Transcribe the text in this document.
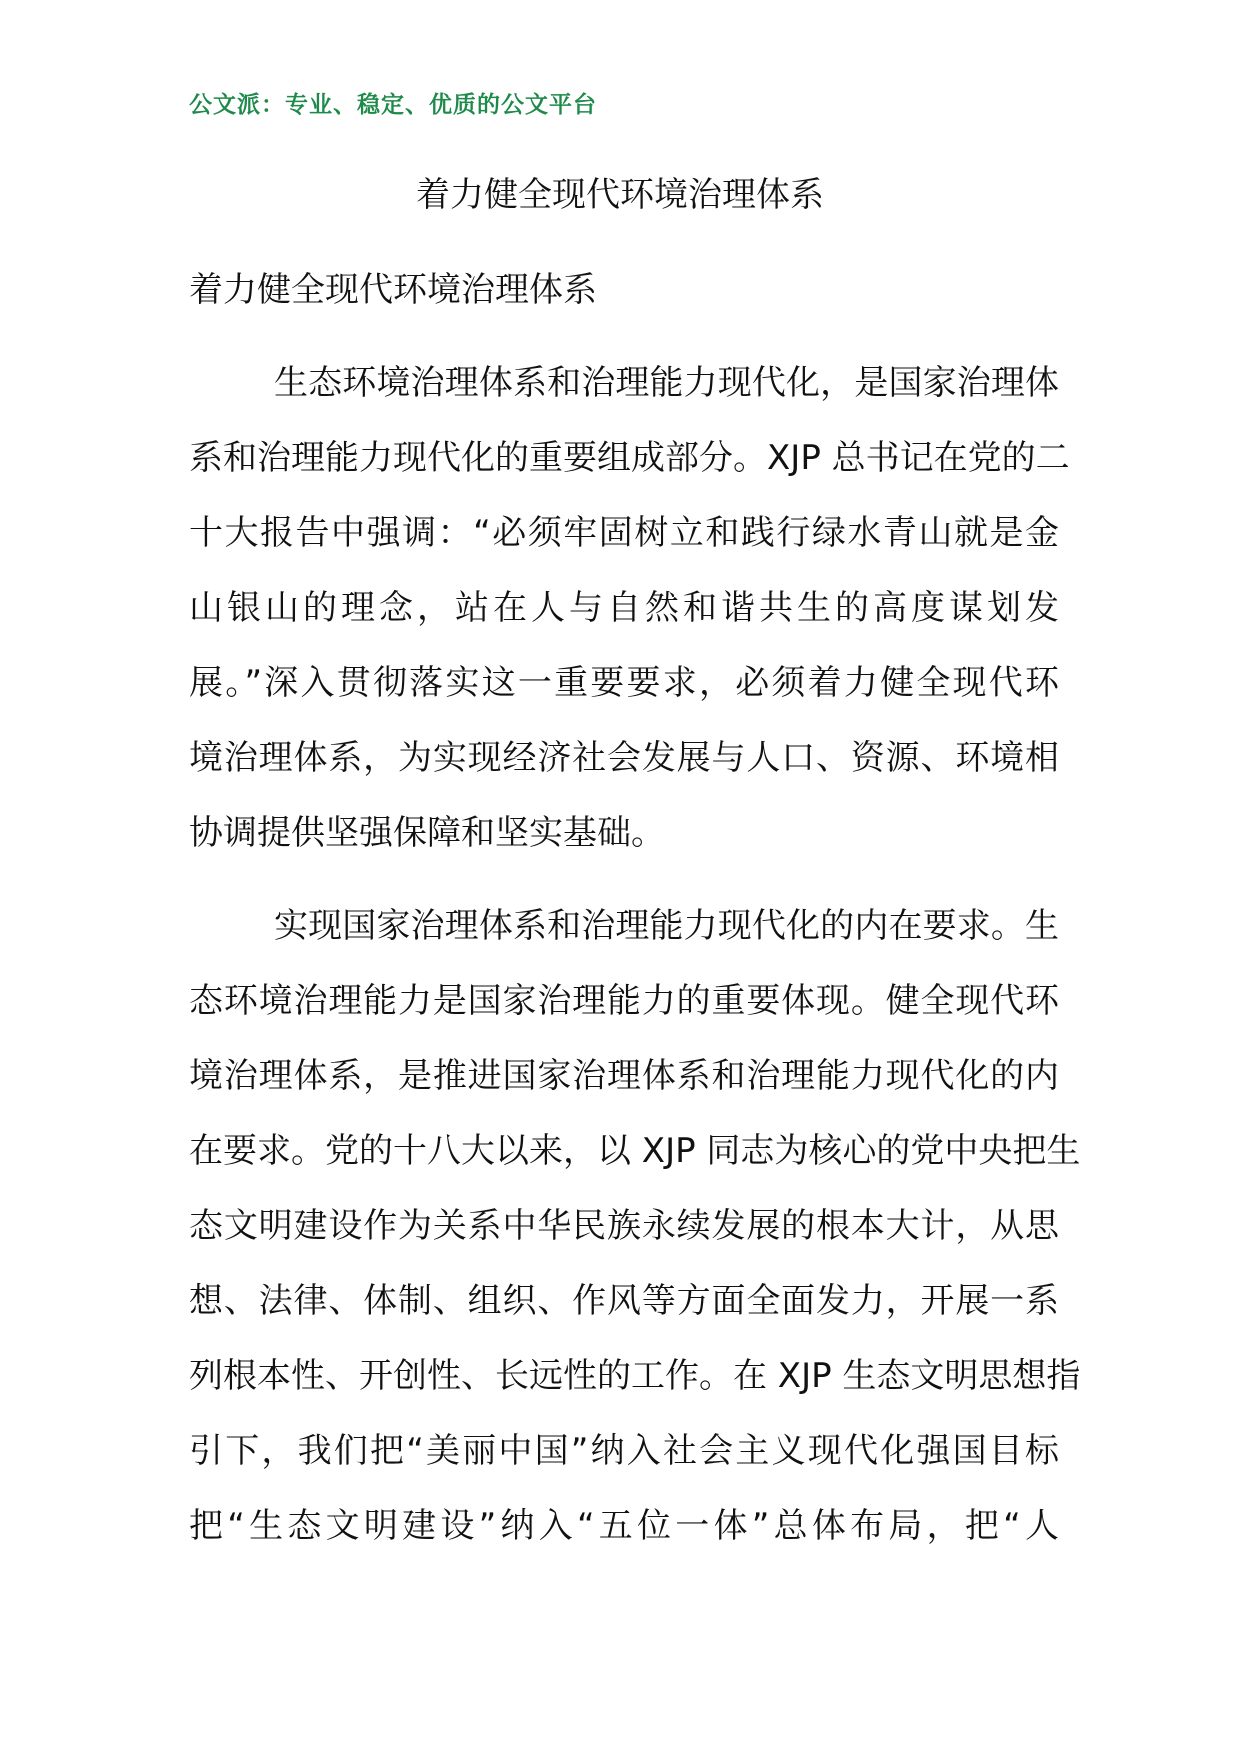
公文派：专业、稳定、优质的公文平台
着力健全现代环境治理体系
着力健全现代环境治理体系
生态环境治理体系和治理能力现代化，是国家治理体
系和治理能力现代化的重要组成部分。XJP 总书记在党的二
十大报告中强调：“必须牢固树立和践行绿水青山就是金
山银山的理念，站在人与自然和谐共生的高度谋划发
展。”深入贯彻落实这一重要要求，必须着力健全现代环
境治理体系，为实现经济社会发展与人口、资源、环境相
协调提供坚强保障和坚实基础。
实现国家治理体系和治理能力现代化的内在要求。生
态环境治理能力是国家治理能力的重要体现。健全现代环
境治理体系，是推进国家治理体系和治理能力现代化的内
在要求。党的十八大以来，以 XJP 同志为核心的党中央把生
态文明建设作为关系中华民族永续发展的根本大计，从思
想、法律、体制、组织、作风等方面全面发力，开展一系
列根本性、开创性、长远性的工作。在 XJP 生态文明思想指
引下，我们把“美丽中国”纳入社会主义现代化强国目标
把“生态文明建设”纳入“五位一体”总体布局，把“人
